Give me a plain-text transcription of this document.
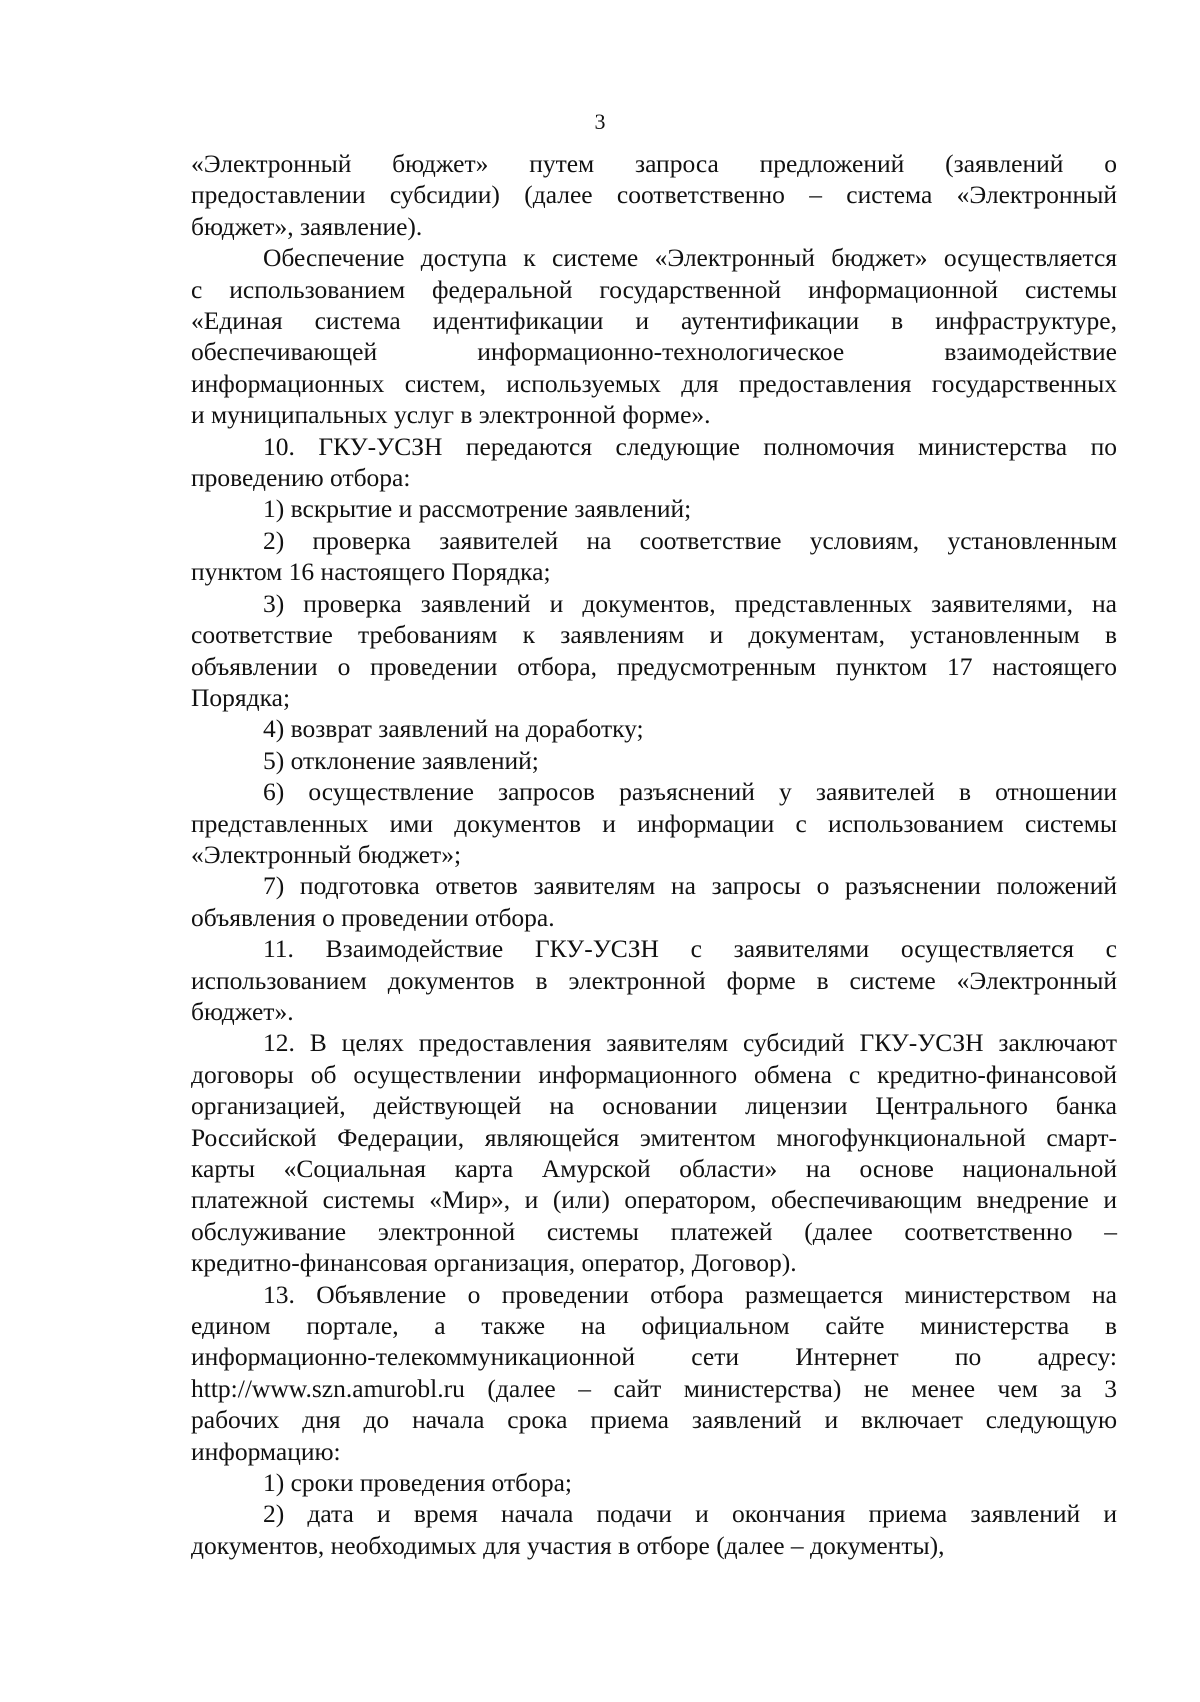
3

«Электронный бюджет» путем запроса предложений (заявлений о
предоставлении субсидии) (далее соответственно – система «Электронный
бюджет», заявление).

Обеспечение доступа к системе «Электронный бюджет» осуществляется
с использованием федеральной государственной информационной системы
«Единая система идентификации и аутентификации в инфраструктуре,
обеспечивающей информационно-технологическое взаимодействие
информационных систем, используемых для предоставления государственных
и муниципальных услуг в электронной форме».

10. ГКУ-УСЗН передаются следующие полномочия министерства по
проведению отбора:

1) вскрытие и рассмотрение заявлений;

2) проверка заявителей на соответствие условиям, установленным
пунктом 16 настоящего Порядка;

3) проверка заявлений и документов, представленных заявителями, на
соответствие требованиям к заявлениям и документам, установленным в
объявлении о проведении отбора, предусмотренным пунктом 17 настоящего
Порядка;

4) возврат заявлений на доработку;

5) отклонение заявлений;

6) осуществление запросов разъяснений у заявителей в отношении
представленных ими документов и информации с использованием системы
«Электронный бюджет»;

7) подготовка ответов заявителям на запросы о разъяснении положений
объявления о проведении отбора.

11. Взаимодействие ГКУ-УСЗН с заявителями осуществляется с
использованием документов в электронной форме в системе «Электронный
бюджет».

12. В целях предоставления заявителям субсидий ГКУ-УСЗН заключают
договоры об осуществлении информационного обмена с кредитно-финансовой
организацией, действующей на основании лицензии Центрального банка
Российской Федерации, являющейся эмитентом многофункциональной смарт-
карты «Социальная карта Амурской области» на основе национальной
платежной системы «Мир», и (или) оператором, обеспечивающим внедрение и
обслуживание электронной системы платежей (далее соответственно –
кредитно-финансовая организация, оператор, Договор).

13. Объявление о проведении отбора размещается министерством на
едином портале, а также на официальном сайте министерства в
информационно-телекоммуникационной сети Интернет по адресу:
http://www.szn.amurobl.ru (далее – сайт министерства) не менее чем за 3
рабочих дня до начала срока приема заявлений и включает следующую
информацию:

1) сроки проведения отбора;

2) дата и время начала подачи и окончания приема заявлений и
документов, необходимых для участия в отборе (далее – документы),
